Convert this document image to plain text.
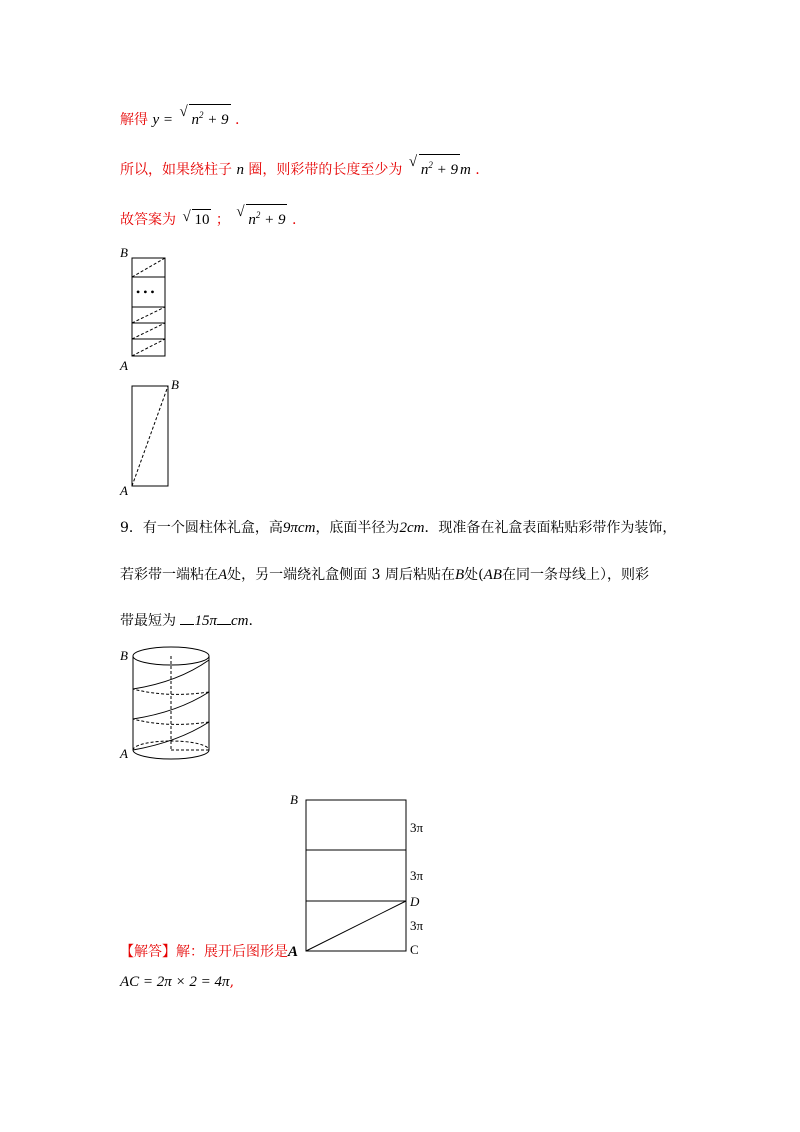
解得 y = √ $n^2 + 9$ .
所以，如果绕柱子 n 圈，则彩带的长度至少为 √ $n^2 + 9$ m .
故答案为 √ 10 ； √ $n^2 + 9$ .
B
A
• • •
B
A
9．有一个圆柱体礼盒，高9πcm，底面半径为2cm．现准备在礼盒表面粘贴彩带作为装饰，
若彩带一端粘在A处，另一端绕礼盒侧面 3 周后粘贴在B处(AB在同一条母线上），则彩
带最短为 15π cm.
B
A
B
3π
3π
D
3π
C
【解答】解：展开后图形是A
AC = 2π × 2 = 4π,
